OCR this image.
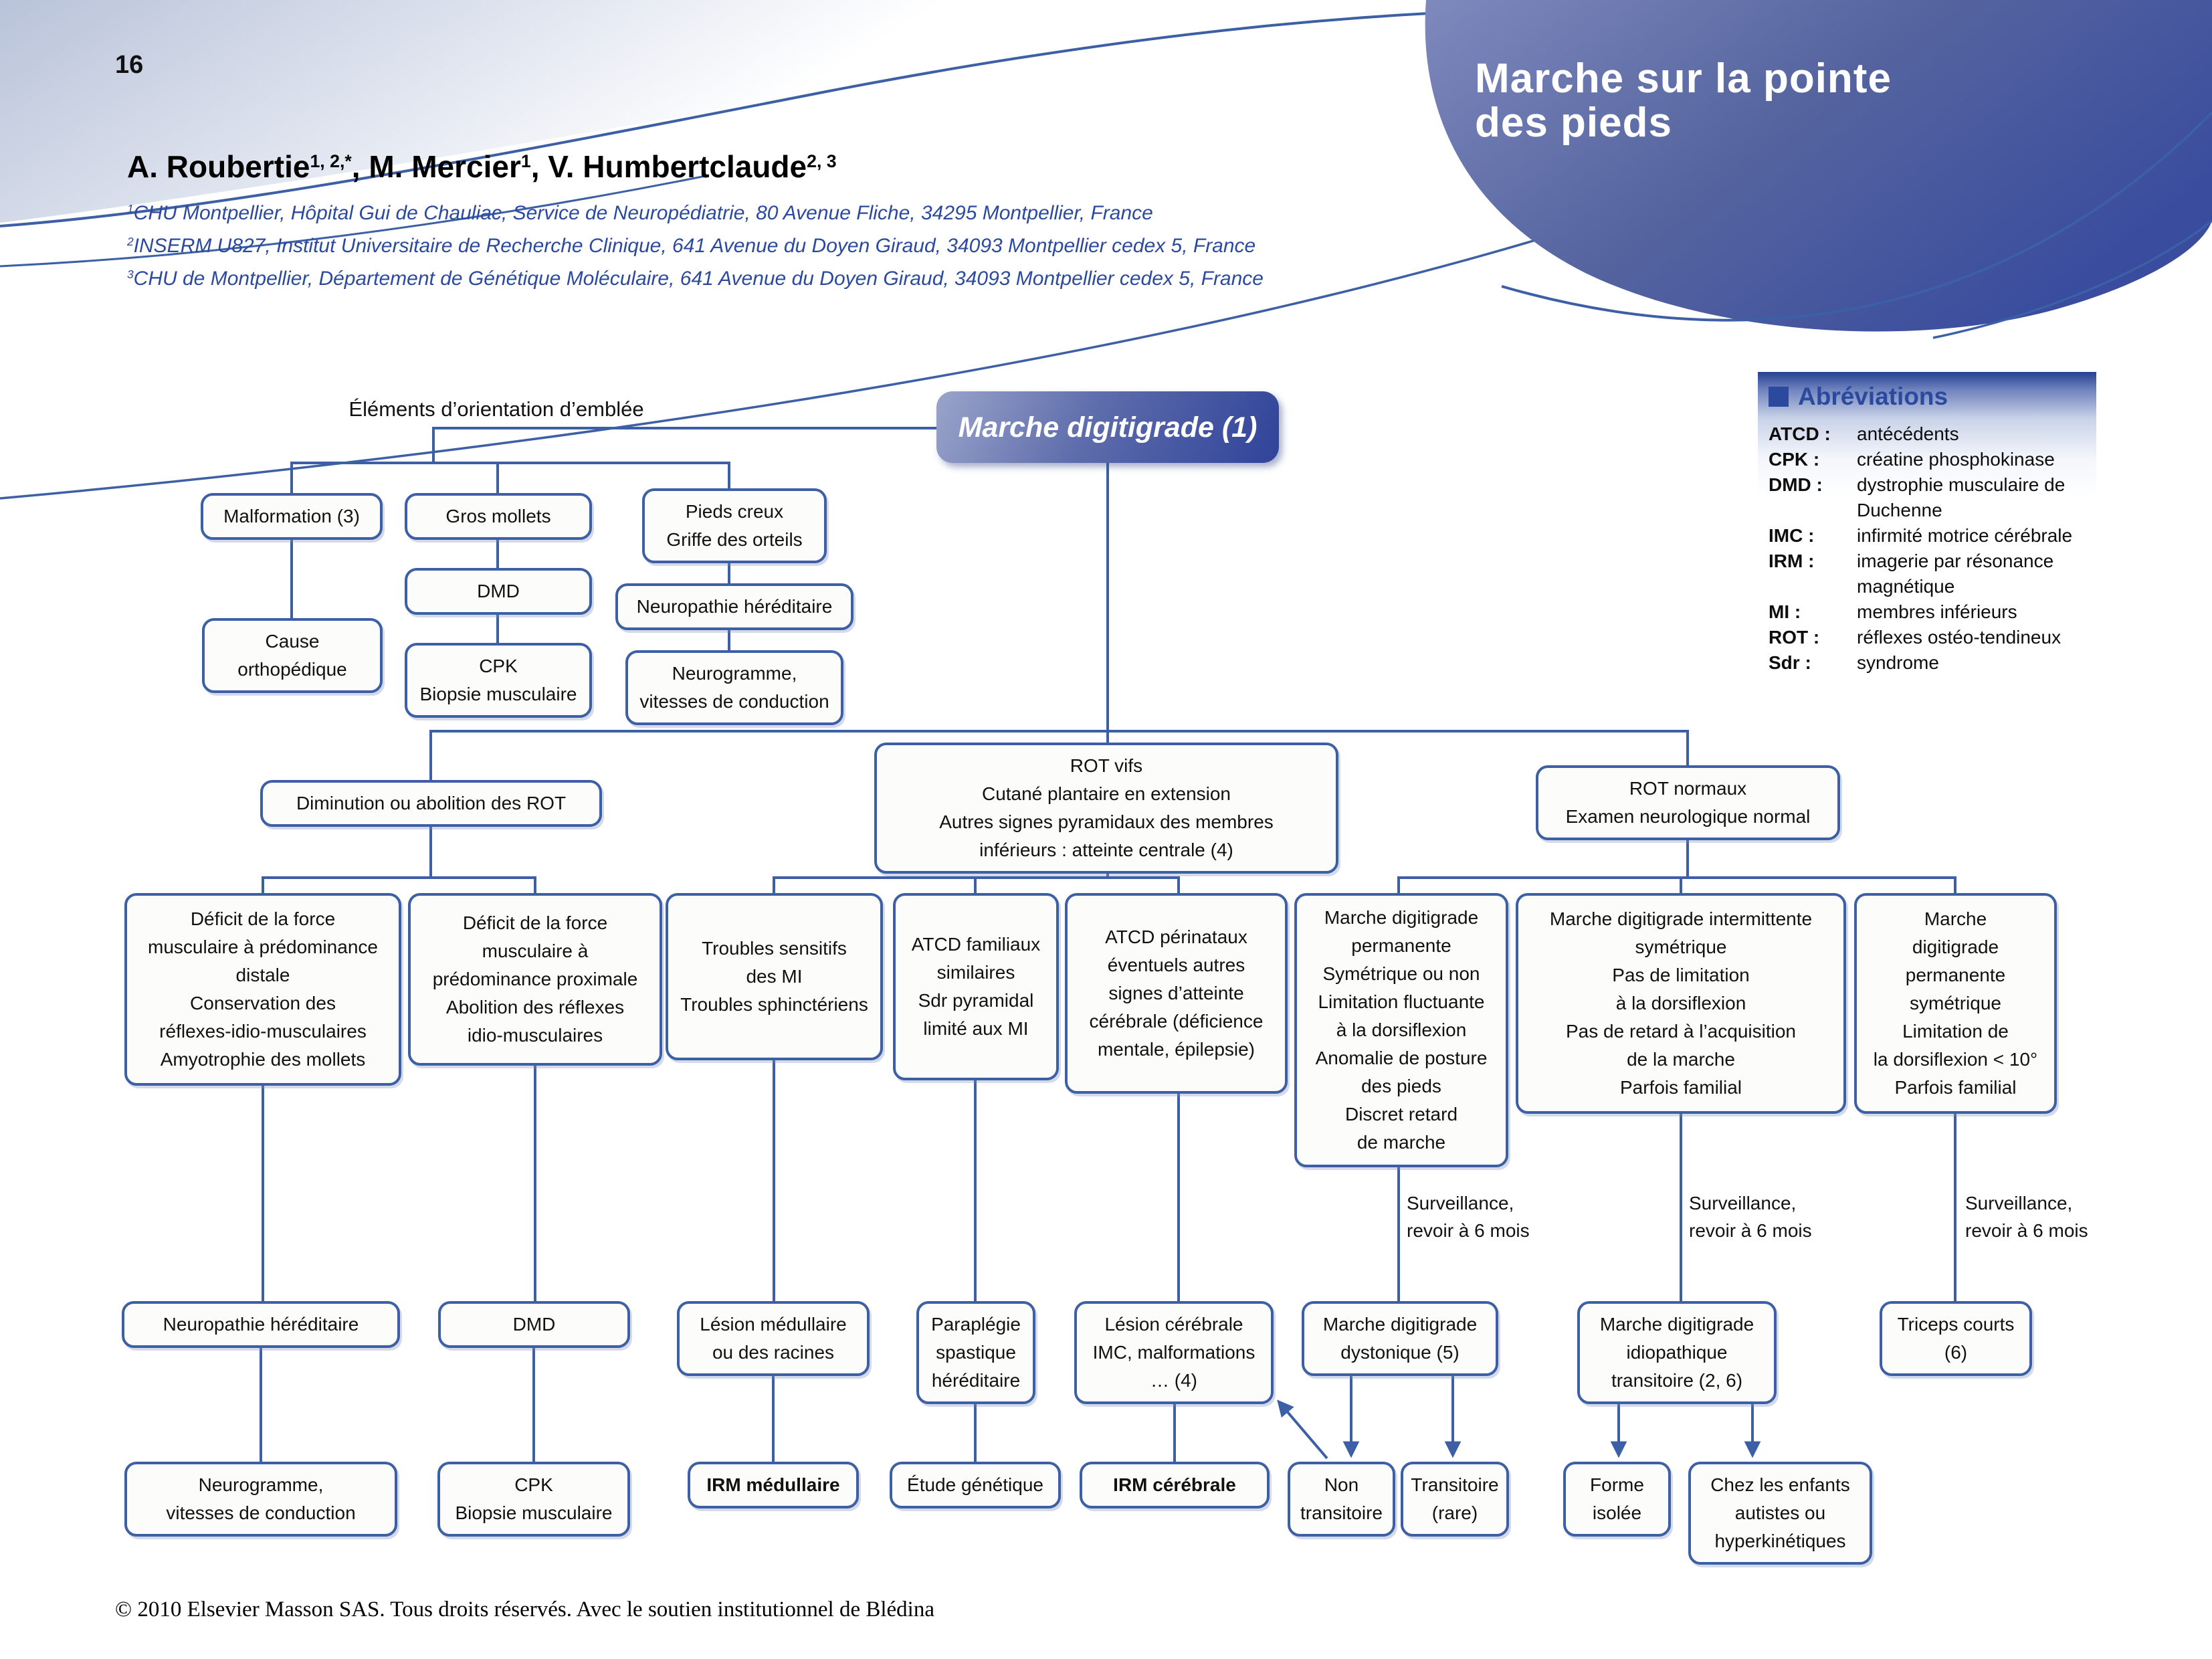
16	Marche sur la pointe
des pieds
A. Roubertie$^{1, 2,*}$, M. Mercier$^1$, V. Humbertclaude$^{2, 3}$
$^1$CHU Montpellier, Hôpital Gui de Chauliac, Service de Neuropédiatrie, 80 Avenue Fliche, 34295 Montpellier, France
$^2$INSERM U827, Institut Universitaire de Recherche Clinique, 641 Avenue du Doyen Giraud, 34093 Montpellier cedex 5, France
$^3$CHU de Montpellier, Département de Génétique Moléculaire, 641 Avenue du Doyen Giraud, 34093 Montpellier cedex 5, France
Abréviations
ATCD :	antécédents
CPK :	créatine phosphokinase
DMD :	dystrophie musculaire de Duchenne
IMC :	infirmité motrice cérébrale
IRM :	imagerie par résonance magnétique
MI :	membres inférieurs
ROT :	réflexes ostéo-tendineux
Sdr :	syndrome
Éléments d’orientation d’emblée
Marche digitigrade (1)
Malformation (3)
Cause
orthopédique
Gros mollets
DMD
CPK
Biopsie musculaire
Pieds creux
Griffe des orteils
Neuropathie héréditaire
Neurogramme,
vitesses de conduction
Diminution ou abolition des ROT
ROT vifs
Cutané plantaire en extension
Autres signes pyramidaux des membres
inférieurs : atteinte centrale (4)
ROT normaux
Examen neurologique normal
Déficit de la force
musculaire à prédominance
distale
Conservation des
réflexes-idio-musculaires
Amyotrophie des mollets
Déficit de la force
musculaire à
prédominance proximale
Abolition des réflexes
idio-musculaires
Troubles sensitifs
des MI
Troubles sphinctériens
ATCD familiaux
similaires
Sdr pyramidal
limité aux MI
ATCD périnataux
éventuels autres
signes d’atteinte
cérébrale (déficience
mentale, épilepsie)
Marche digitigrade
permanente
Symétrique ou non
Limitation fluctuante
à la dorsiflexion
Anomalie de posture
des pieds
Discret retard
de marche
Marche digitigrade intermittente
symétrique
Pas de limitation
à la dorsiflexion
Pas de retard à l’acquisition
de la marche
Parfois familial
Marche
digitigrade
permanente
symétrique
Limitation de
la dorsiflexion < 10°
Parfois familial
Neuropathie héréditaire	DMD	Lésion médullaire
ou des racines
Paraplégie
spastique
héréditaire
Lésion cérébrale
IMC, malformations
… (4)
Marche digitigrade
dystonique (5)
Marche digitigrade
idiopathique
transitoire (2, 6)
Triceps courts
(6)
Neurogramme,
vitesses de conduction
CPK
Biopsie musculaire
IRM médullaire	Étude génétique	IRM cérébrale	Non
transitoire
Transitoire
(rare)
Forme
isolée
Chez les enfants
autistes ou
hyperkinétiques
Surveillance,
revoir à 6 mois
Surveillance,
revoir à 6 mois
Surveillance,
revoir à 6 mois
© 2010 Elsevier Masson SAS. Tous droits réservés. Avec le soutien institutionnel de Blédina
